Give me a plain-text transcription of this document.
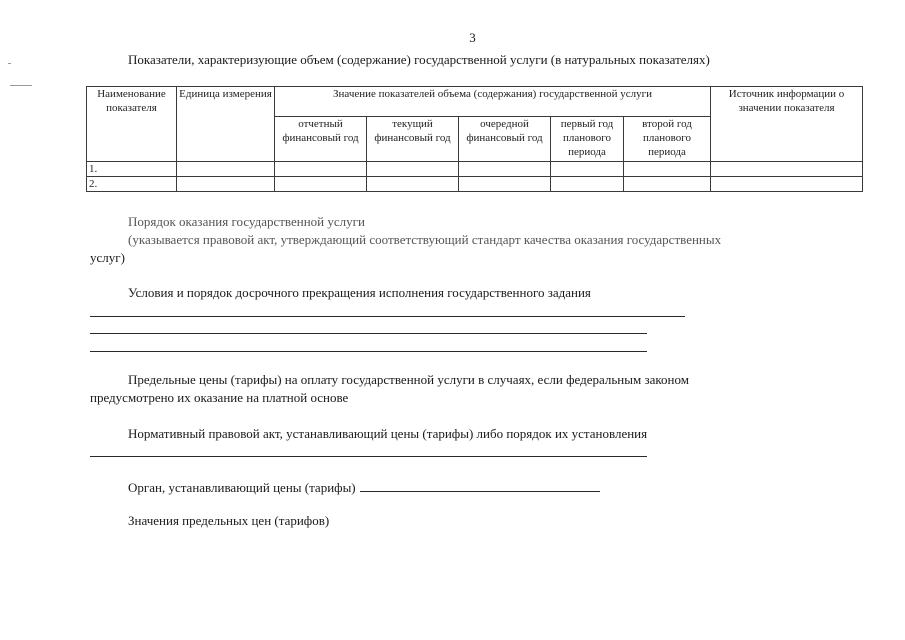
3
Показатели, характеризующие объем (содержание) государственной услуги (в натуральных показателях)
Наименование показателя	Единица измерения	Значение показателей объема (содержания) государственной услуги					Источник информации о значении показателя
		отчетный финансовый год	текущий финансовый год	очередной финансовый год	первый год планового периода	второй год планового периода	
1.							
2.							
Порядок оказания государственной услуги
(указывается правовой акт, утверждающий соответствующий стандарт качества оказания государственных
услуг)
Условия и порядок досрочного прекращения исполнения государственного задания
Предельные цены (тарифы) на оплату государственной услуги в случаях, если федеральным законом
предусмотрено их оказание на платной основе
Нормативный правовой акт, устанавливающий цены (тарифы) либо порядок их установления
Орган, устанавливающий цены (тарифы)
Значения предельных цен (тарифов)
